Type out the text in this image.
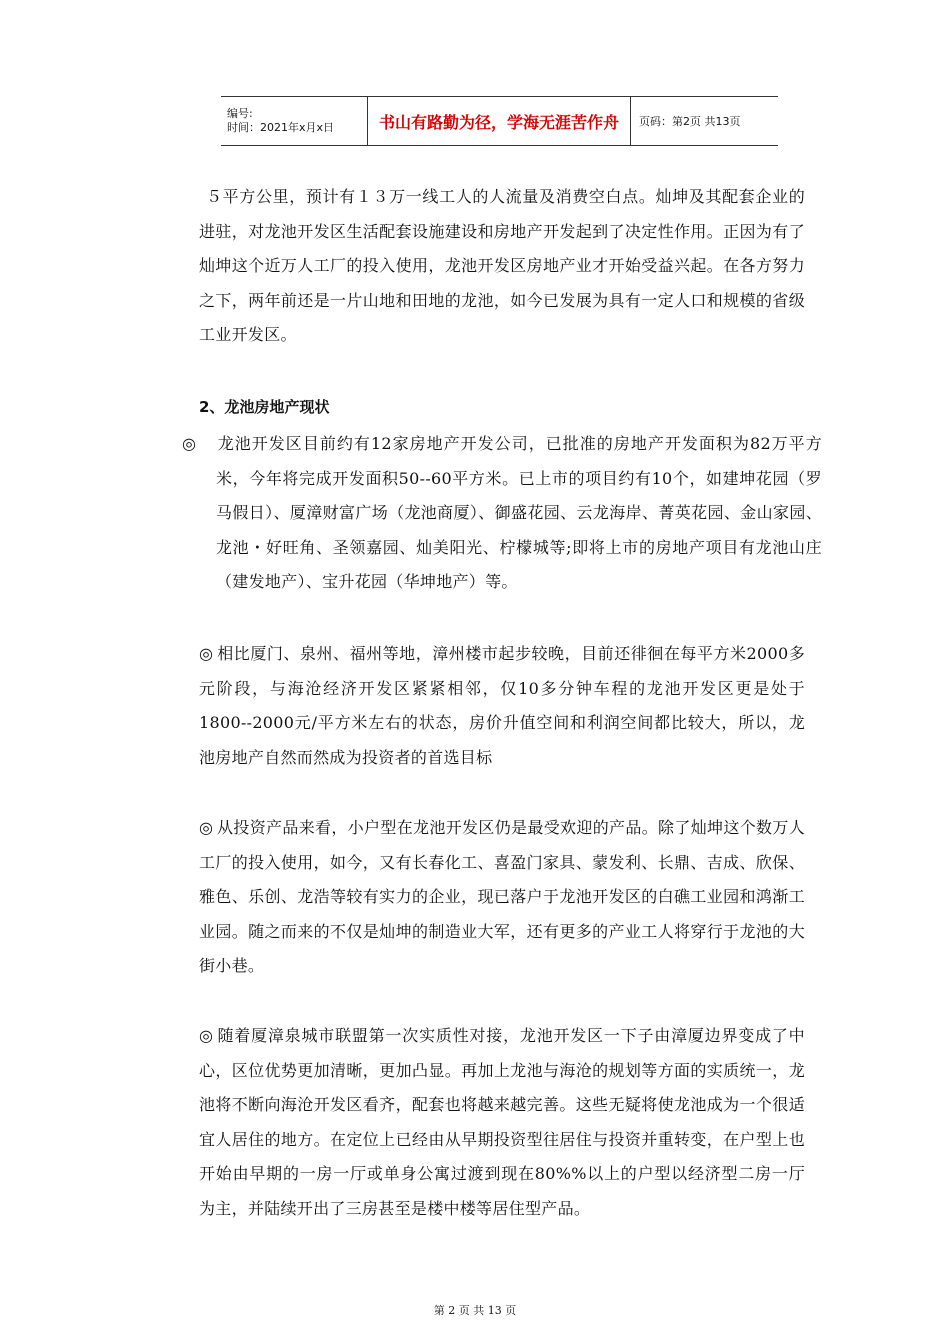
编号:
时间：2021年x月x日	书山有路勤为径，学海无涯苦作舟 页码：第2页 共13页
５平方公里，预计有１３万一线工人的人流量及消费空白点。灿坤及其配套企业的进驻，对龙池开发区生活配套设施建设和房地产开发起到了决定性作用。正因为有了灿坤这个近万人工厂的投入使用，龙池开发区房地产业才开始受益兴起。在各方努力之下，两年前还是一片山地和田地的龙池，如今已发展为具有一定人口和规模的省级工业开发区。
2、龙池房地产现状
◎ 龙池开发区目前约有12家房地产开发公司，已批准的房地产开发面积为82万平方米，今年将完成开发面积50--60平方米。已上市的项目约有10个，如建坤花园（罗马假日）、厦漳财富广场（龙池商厦）、御盛花园、云龙海岸、菁英花园、金山家园、龙池・好旺角、圣领嘉园、灿美阳光、柠檬城等;即将上市的房地产项目有龙池山庄（建发地产）、宝升花园（华坤地产）等。
◎ 相比厦门、泉州、福州等地，漳州楼市起步较晚，目前还徘徊在每平方米2000多元阶段，与海沧经济开发区紧紧相邻，仅10多分钟车程的龙池开发区更是处于1800--2000元/平方米左右的状态，房价升值空间和利润空间都比较大，所以，龙池房地产自然而然成为投资者的首选目标
◎ 从投资产品来看，小户型在龙池开发区仍是最受欢迎的产品。除了灿坤这个数万人工厂的投入使用，如今，又有长春化工、喜盈门家具、蒙发利、长鼎、吉成、欣保、雅色、乐创、龙浩等较有实力的企业，现已落户于龙池开发区的白礁工业园和鸿渐工业园。随之而来的不仅是灿坤的制造业大军，还有更多的产业工人将穿行于龙池的大街小巷。
◎ 随着厦漳泉城市联盟第一次实质性对接，龙池开发区一下子由漳厦边界变成了中心，区位优势更加清晰，更加凸显。再加上龙池与海沧的规划等方面的实质统一，龙池将不断向海沧开发区看齐，配套也将越来越完善。这些无疑将使龙池成为一个很适宜人居住的地方。在定位上已经由从早期投资型往居住与投资并重转变，在户型上也开始由早期的一房一厅或单身公寓过渡到现在80%%以上的户型以经济型二房一厅为主，并陆续开出了三房甚至是楼中楼等居住型产品。
第 2 页 共 13 页
